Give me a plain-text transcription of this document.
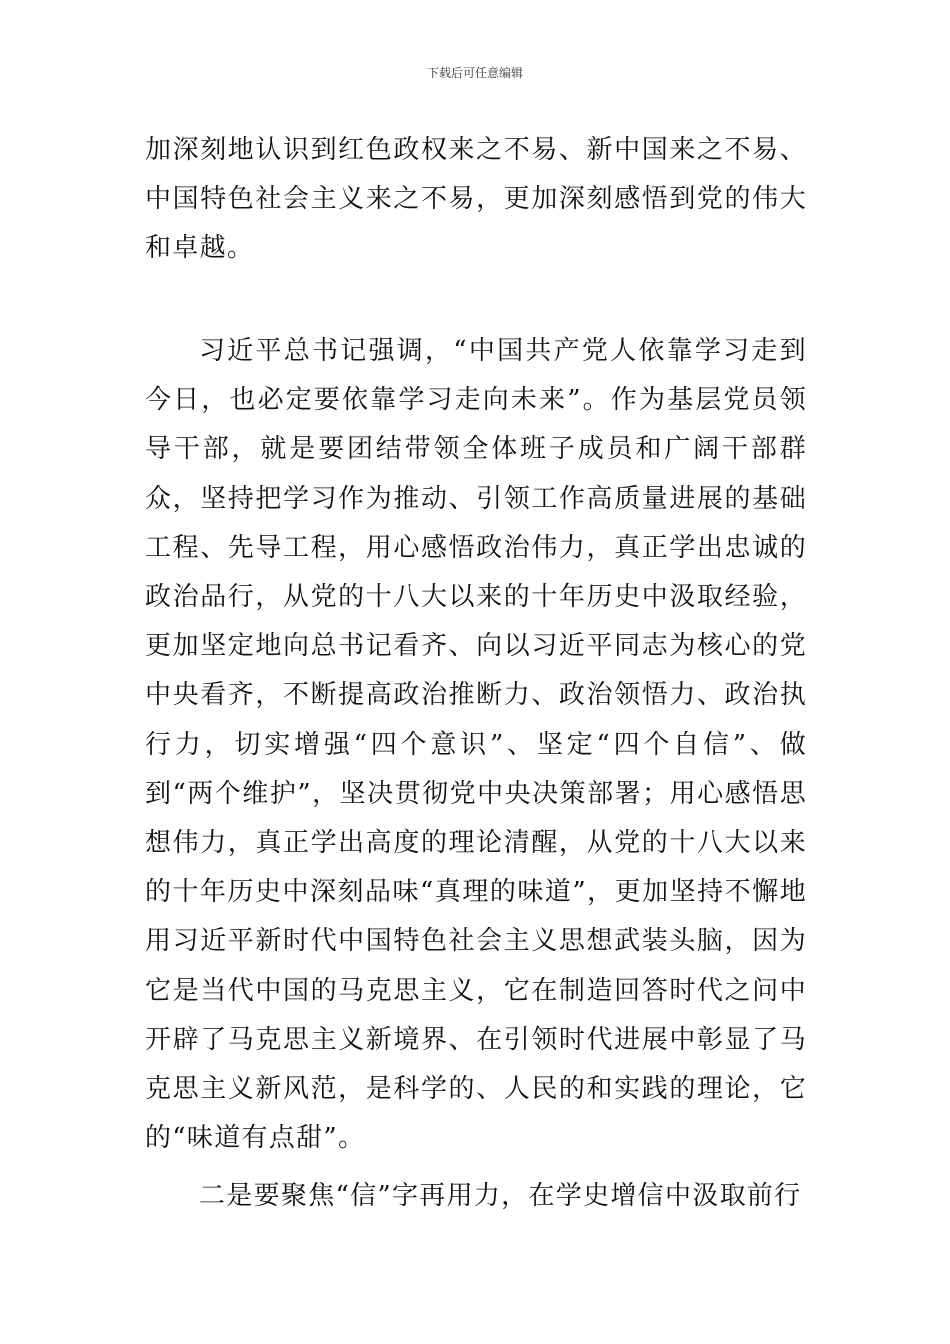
下载后可任意编辑

加深刻地认识到红色政权来之不易、新中国来之不易、中国特色社会主义来之不易，更加深刻感悟到党的伟大和卓越。

习近平总书记强调，“中国共产党人依靠学习走到今日，也必定要依靠学习走向未来”。作为基层党员领导干部，就是要团结带领全体班子成员和广阔干部群众，坚持把学习作为推动、引领工作高质量进展的基础工程、先导工程，用心感悟政治伟力，真正学出忠诚的政治品行，从党的十八大以来的十年历史中汲取经验，更加坚定地向总书记看齐、向以习近平同志为核心的党中央看齐，不断提高政治推断力、政治领悟力、政治执行力，切实增强“四个意识”、坚定“四个自信”、做到“两个维护”，坚决贯彻党中央决策部署；用心感悟思想伟力，真正学出高度的理论清醒，从党的十八大以来的十年历史中深刻品味“真理的味道”，更加坚持不懈地用习近平新时代中国特色社会主义思想武装头脑，因为它是当代中国的马克思主义，它在制造回答时代之问中开辟了马克思主义新境界、在引领时代进展中彰显了马克思主义新风范，是科学的、人民的和实践的理论，它的“味道有点甜”。

二是要聚焦“信”字再用力，在学史增信中汲取前行
